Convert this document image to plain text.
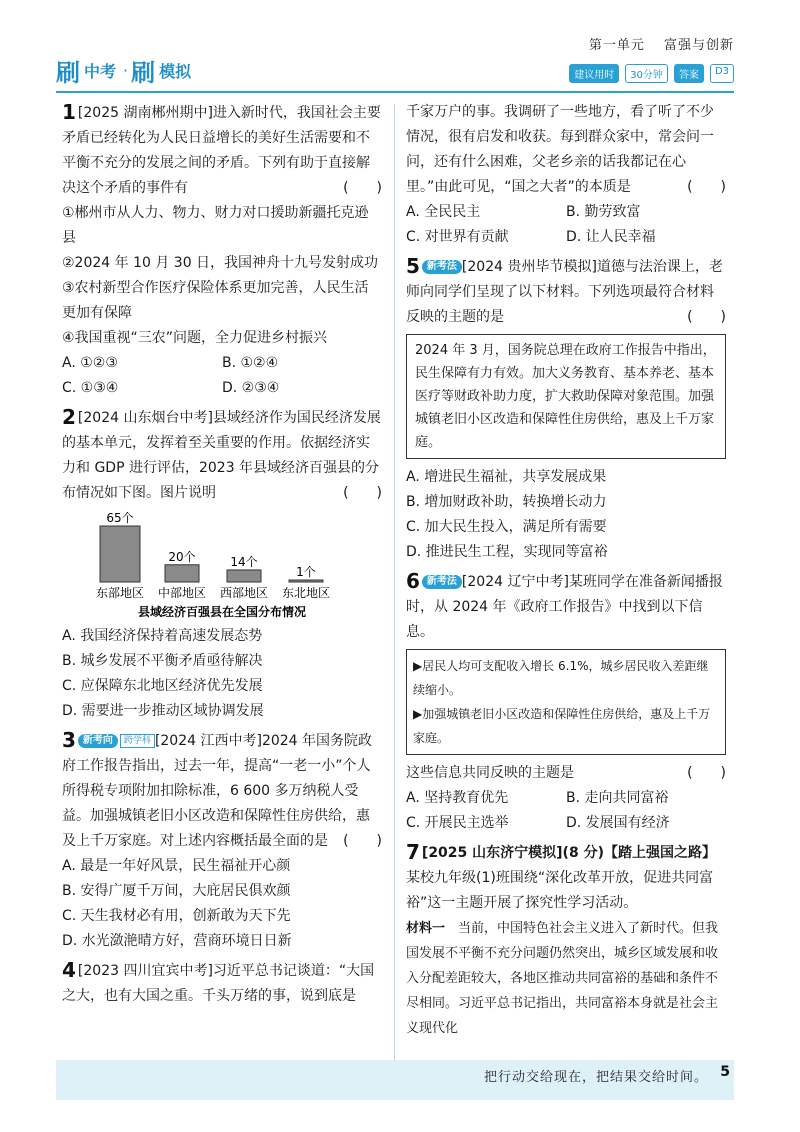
第一单元 富强与创新
刷 中考 · 刷 模拟	建议用时	30分钟	答案	D3
1 [2025 湖南郴州期中]进入新时代，我国社会主要矛盾已经转化为人民日益增长的美好生活需要和不平衡不充分的发展之间的矛盾。下列有助于直接解决这个矛盾的事件有	(　　)
①郴州市从人力、物力、财力对口援助新疆托克逊县
②2024 年 10 月 30 日，我国神舟十九号发射成功
③农村新型合作医疗保险体系更加完善，人民生活更加有保障
④我国重视“三农”问题，全力促进乡村振兴
A. ①②③	B. ①②④
C. ①③④	D. ②③④
2 [2024 山东烟台中考]县域经济作为国民经济发展的基本单元，发挥着至关重要的作用。依据经济实力和 GDP 进行评估，2023 年县域经济百强县的分布情况如下图。图片说明	(　　)
65个
东部地区
20个
中部地区
14个
西部地区
1个
东北地区
县域经济百强县在全国分布情况
A. 我国经济保持着高速发展态势
B. 城乡发展不平衡矛盾亟待解决
C. 应保障东北地区经济优先发展
D. 需要进一步推动区域协调发展
3 新考向 跨学科 [2024 江西中考]2024 年国务院政府工作报告指出，过去一年，提高“一老一小”个人所得税专项附加扣除标准，6 600 多万纳税人受益。加强城镇老旧小区改造和保障性住房供给，惠及上千万家庭。对上述内容概括最全面的是 (　　)
A. 最是一年好风景，民生福祉开心颜
B. 安得广厦千万间，大庇居民俱欢颜
C. 天生我材必有用，创新敢为天下先
D. 水光潋滟晴方好，营商环境日日新
4 [2023 四川宜宾中考]习近平总书记谈道：“大国之大，也有大国之重。千头万绪的事，说到底是
千家万户的事。我调研了一些地方，看了听了不少情况，很有启发和收获。每到群众家中，常会问一问，还有什么困难，父老乡亲的话我都记在心里。”由此可见，“国之大者”的本质是	(　　)
A. 全民民主	B. 勤劳致富
C. 对世界有贡献	D. 让人民幸福
5 新考法 [2024 贵州毕节模拟]道德与法治课上，老师向同学们呈现了以下材料。下列选项最符合材料反映的主题的是	(　　)
2024 年 3 月，国务院总理在政府工作报告中指出，民生保障有力有效。加大义务教育、基本养老、基本医疗等财政补助力度，扩大救助保障对象范围。加强城镇老旧小区改造和保障性住房供给，惠及上千万家庭。
A. 增进民生福祉，共享发展成果
B. 增加财政补助，转换增长动力
C. 加大民生投入，满足所有需要
D. 推进民生工程，实现同等富裕
6 新考法 [2024 辽宁中考]某班同学在准备新闻播报时，从 2024 年《政府工作报告》中找到以下信息。
▶居民人均可支配收入增长 6.1%，城乡居民收入差距继续缩小。
▶加强城镇老旧小区改造和保障性住房供给，惠及上千万家庭。
这些信息共同反映的主题是	(　　)
A. 坚持教育优先	B. 走向共同富裕
C. 开展民主选举	D. 发展国有经济
7 [2025 山东济宁模拟](8 分)【踏上强国之路】
某校九年级(1)班围绕“深化改革开放，促进共同富裕”这一主题开展了探究性学习活动。
材料一　 当前，中国特色社会主义进入了新时代。但我国发展不平衡不充分问题仍然突出，城乡区域发展和收入分配差距较大，各地区推动共同富裕的基础和条件不尽相同。习近平总书记指出，共同富裕本身就是社会主义现代化
把行动交给现在，把结果交给时间。 5
